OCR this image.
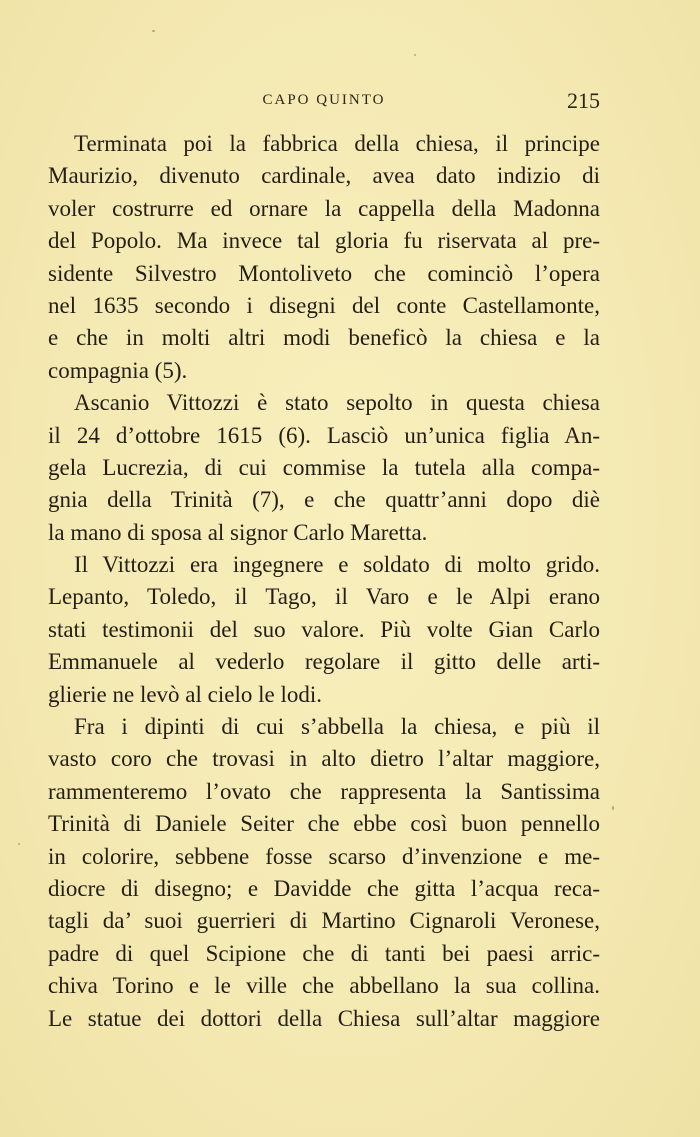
CAPO QUINTO	215
Terminata poi la fabbrica della chiesa, il principe
Maurizio, divenuto cardinale, avea dato indizio di
voler costrurre ed ornare la cappella della Madonna
del Popolo. Ma invece tal gloria fu riservata al pre-
sidente Silvestro Montoliveto che cominciò l’opera
nel 1635 secondo i disegni del conte Castellamonte,
e che in molti altri modi beneficò la chiesa e la
compagnia (5).
Ascanio Vittozzi è stato sepolto in questa chiesa
il 24 d’ottobre 1615 (6). Lasciò un’unica figlia An-
gela Lucrezia, di cui commise la tutela alla compa-
gnia della Trinità (7), e che quattr’anni dopo diè
la mano di sposa al signor Carlo Maretta.
Il Vittozzi era ingegnere e soldato di molto grido.
Lepanto, Toledo, il Tago, il Varo e le Alpi erano
stati testimonii del suo valore. Più volte Gian Carlo
Emmanuele al vederlo regolare il gitto delle arti-
glierie ne levò al cielo le lodi.
Fra i dipinti di cui s’abbella la chiesa, e più il
vasto coro che trovasi in alto dietro l’altar maggiore,
rammenteremo l’ovato che rappresenta la Santissima
Trinità di Daniele Seiter che ebbe così buon pennello
in colorire, sebbene fosse scarso d’invenzione e me-
diocre di disegno; e Davidde che gitta l’acqua reca-
tagli da’ suoi guerrieri di Martino Cignaroli Veronese,
padre di quel Scipione che di tanti bei paesi arric-
chiva Torino e le ville che abbellano la sua collina.
Le statue dei dottori della Chiesa sull’altar maggiore
